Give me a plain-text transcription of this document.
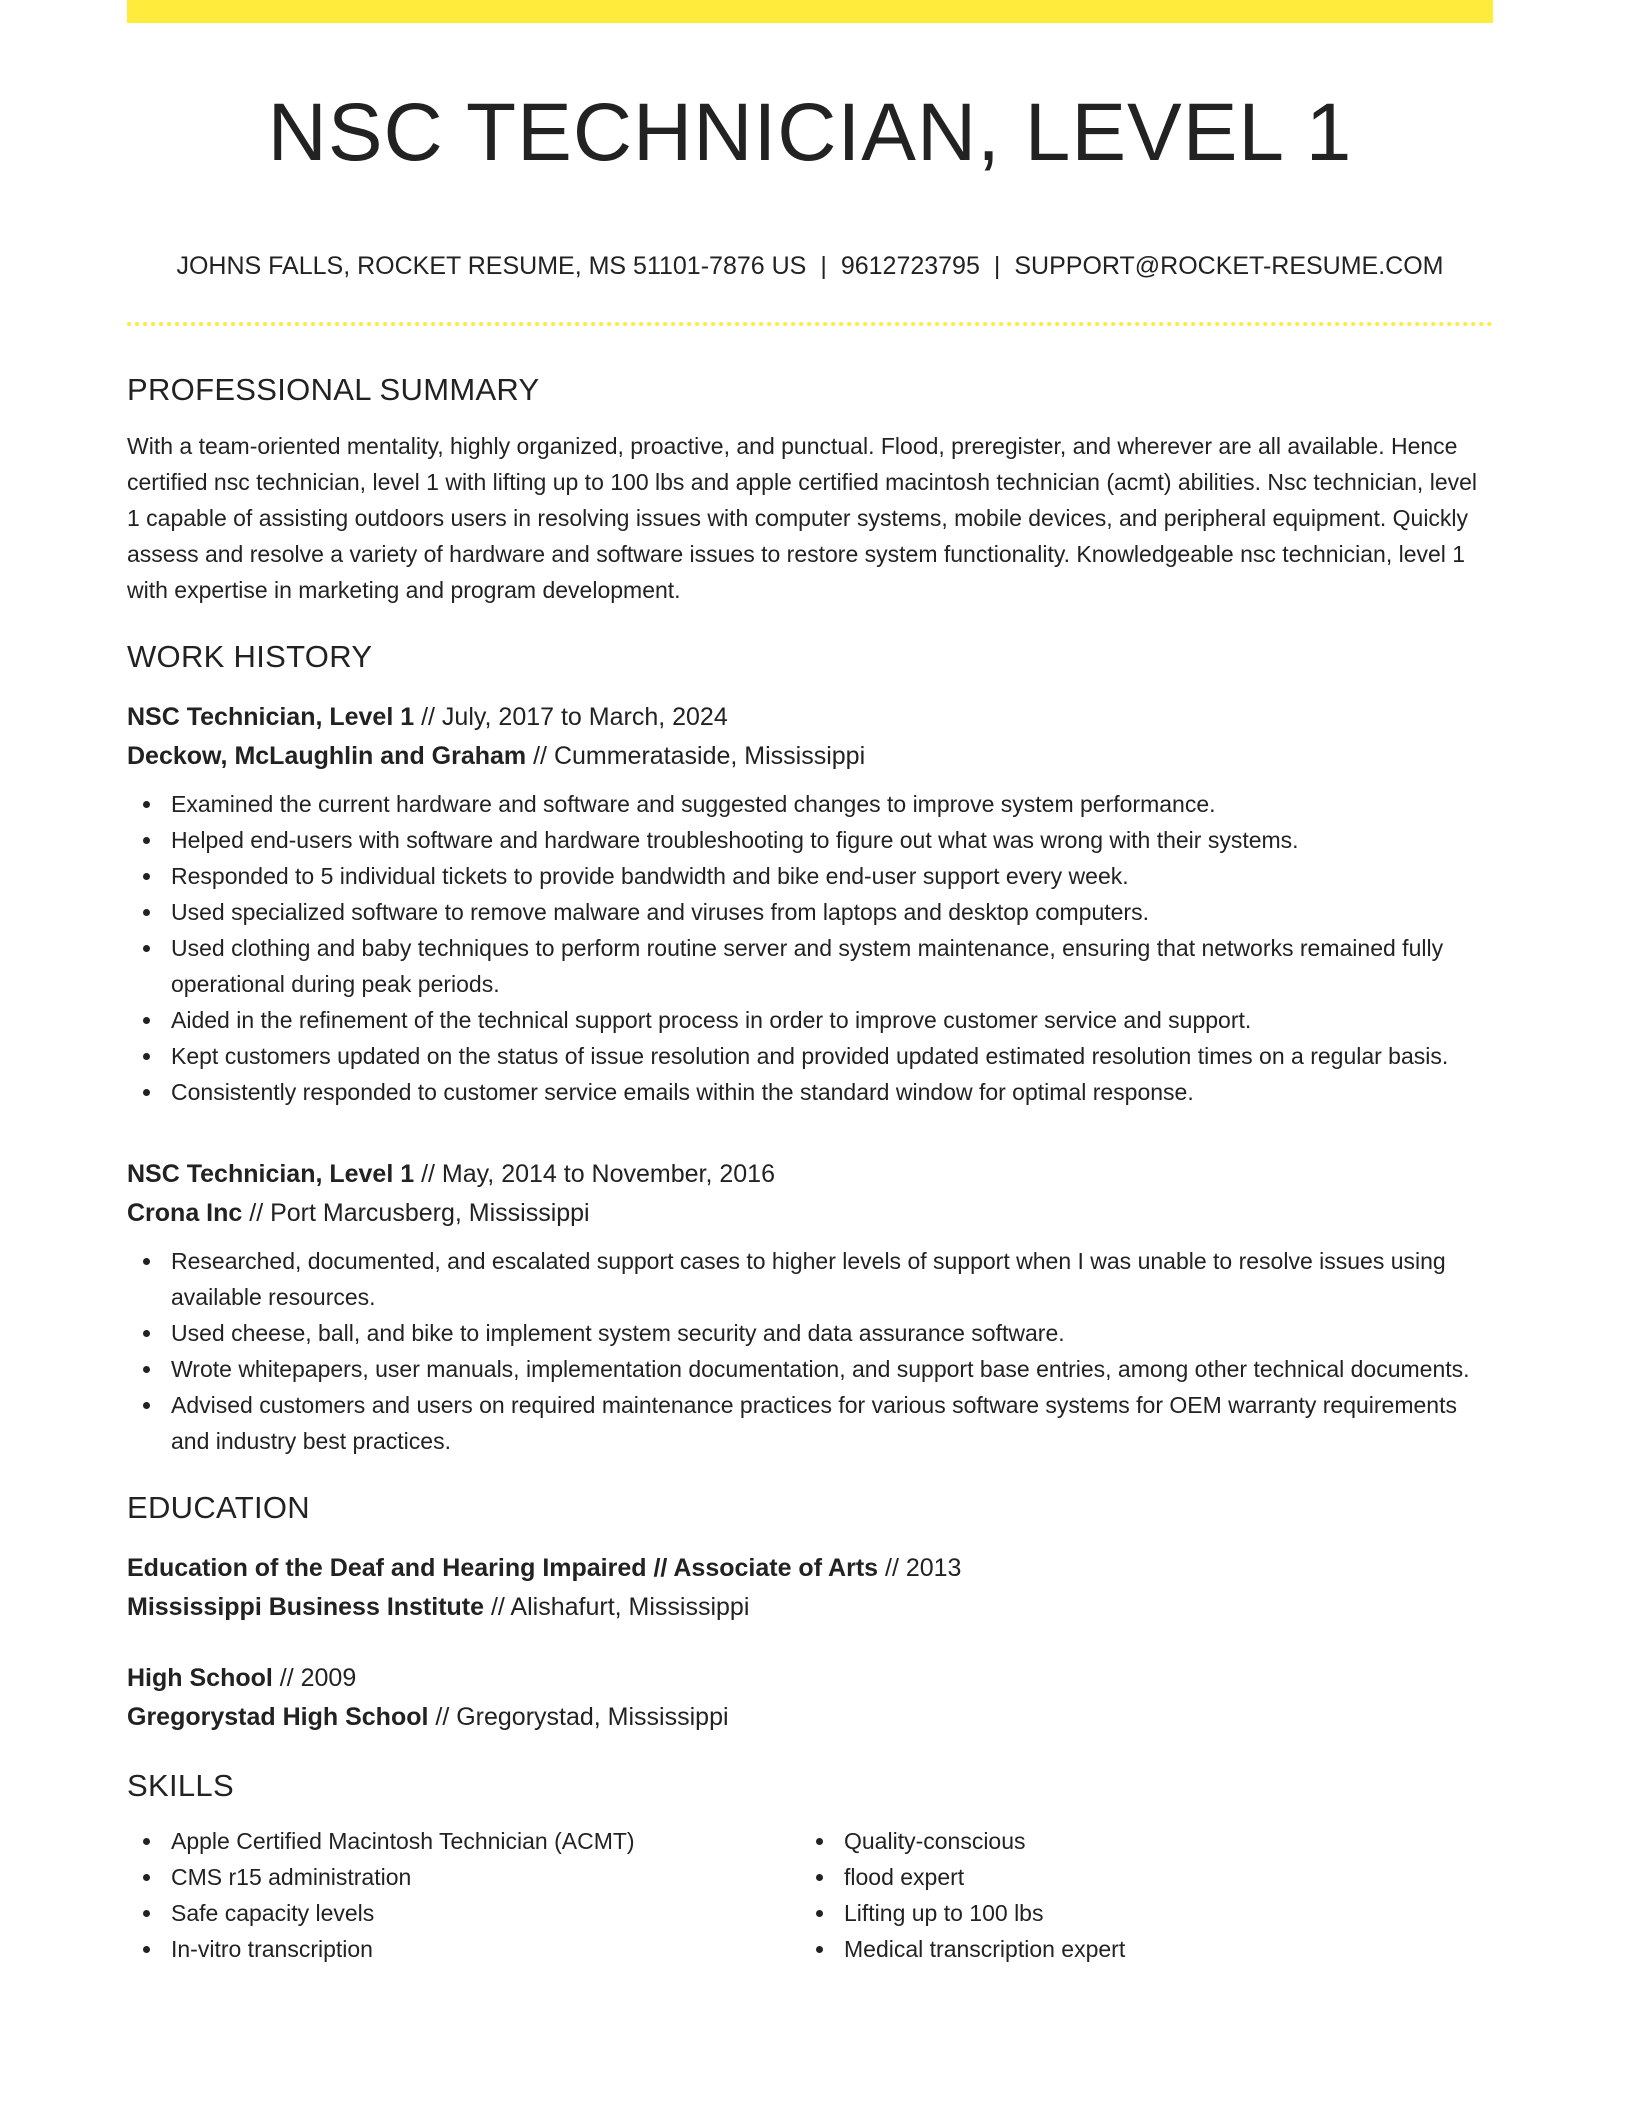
NSC TECHNICIAN, LEVEL 1
JOHNS FALLS, ROCKET RESUME, MS 51101-7876 US | 9612723795 | SUPPORT@ROCKET-RESUME.COM
PROFESSIONAL SUMMARY

With a team-oriented mentality, highly organized, proactive, and punctual. Flood, preregister, and wherever are all available. Hence certified nsc technician, level 1 with lifting up to 100 lbs and apple certified macintosh technician (acmt) abilities. Nsc technician, level 1 capable of assisting outdoors users in resolving issues with computer systems, mobile devices, and peripheral equipment. Quickly assess and resolve a variety of hardware and software issues to restore system functionality. Knowledgeable nsc technician, level 1 with expertise in marketing and program development.

WORK HISTORY
NSC Technician, Level 1 // July, 2017 to March, 2024
Deckow, McLaughlin and Graham // Cummerataside, Mississippi
Examined the current hardware and software and suggested changes to improve system performance.
Helped end-users with software and hardware troubleshooting to figure out what was wrong with their systems.
Responded to 5 individual tickets to provide bandwidth and bike end-user support every week.
Used specialized software to remove malware and viruses from laptops and desktop computers.
Used clothing and baby techniques to perform routine server and system maintenance, ensuring that networks remained fully operational during peak periods.
Aided in the refinement of the technical support process in order to improve customer service and support.
Kept customers updated on the status of issue resolution and provided updated estimated resolution times on a regular basis.
Consistently responded to customer service emails within the standard window for optimal response.
NSC Technician, Level 1 // May, 2014 to November, 2016
Crona Inc // Port Marcusberg, Mississippi
Researched, documented, and escalated support cases to higher levels of support when I was unable to resolve issues using available resources.
Used cheese, ball, and bike to implement system security and data assurance software.
Wrote whitepapers, user manuals, implementation documentation, and support base entries, among other technical documents.
Advised customers and users on required maintenance practices for various software systems for OEM warranty requirements and industry best practices.
EDUCATION
Education of the Deaf and Hearing Impaired // Associate of Arts // 2013
Mississippi Business Institute // Alishafurt, Mississippi
High School // 2009
Gregorystad High School // Gregorystad, Mississippi
SKILLS
Apple Certified Macintosh Technician (ACMT)
CMS r15 administration
Safe capacity levels
In-vitro transcription
Quality-conscious
flood expert
Lifting up to 100 lbs
Medical transcription expert
